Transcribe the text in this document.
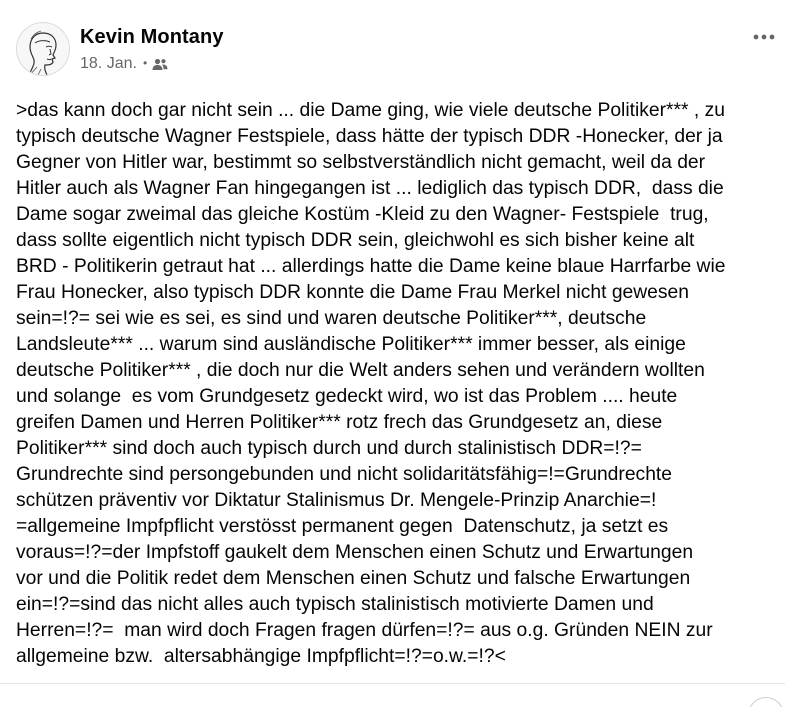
Kevin Montany
18. Jan. •

>das kann doch gar nicht sein ... die Dame ging, wie viele deutsche Politiker*** , zu
typisch deutsche Wagner Festspiele, dass hätte der typisch DDR -Honecker, der ja
Gegner von Hitler war, bestimmt so selbstverständlich nicht gemacht, weil da der
Hitler auch als Wagner Fan hingegangen ist ... lediglich das typisch DDR,  dass die
Dame sogar zweimal das gleiche Kostüm -Kleid zu den Wagner- Festspiele  trug,
dass sollte eigentlich nicht typisch DDR sein, gleichwohl es sich bisher keine alt
BRD - Politikerin getraut hat ... allerdings hatte die Dame keine blaue Harrfarbe wie
Frau Honecker, also typisch DDR konnte die Dame Frau Merkel nicht gewesen
sein=!?= sei wie es sei, es sind und waren deutsche Politiker***, deutsche
Landsleute*** ... warum sind ausländische Politiker*** immer besser, als einige
deutsche Politiker*** , die doch nur die Welt anders sehen und verändern wollten
und solange  es vom Grundgesetz gedeckt wird, wo ist das Problem .... heute
greifen Damen und Herren Politiker*** rotz frech das Grundgesetz an, diese
Politiker*** sind doch auch typisch durch und durch stalinistisch DDR=!?=
Grundrechte sind persongebunden und nicht solidaritätsfähig=!=Grundrechte
schützen präventiv vor Diktatur Stalinismus Dr. Mengele-Prinzip Anarchie=!
=allgemeine Impfpflicht verstösst permanent gegen  Datenschutz, ja setzt es
voraus=!?=der Impfstoff gaukelt dem Menschen einen Schutz und Erwartungen
vor und die Politik redet dem Menschen einen Schutz und falsche Erwartungen
ein=!?=sind das nicht alles auch typisch stalinistisch motivierte Damen und
Herren=!?=  man wird doch Fragen fragen dürfen=!?= aus o.g. Gründen NEIN zur
allgemeine bzw.  altersabhängige Impfpflicht=!?=o.w.=!?<
